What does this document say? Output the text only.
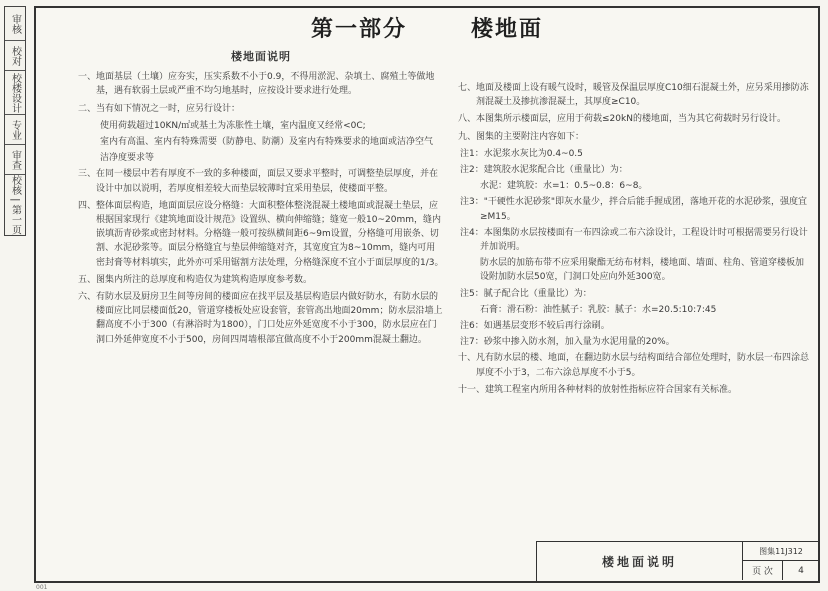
审核
校对
校楼设计
专业
审查
校核 | 第一页
第一部分	楼地面
楼地面说明
一、地面基层（土壤）应夯实，压实系数不小于0.9，不得用淤泥、杂填土、腐殖土等做地基，遇有软弱土层或严重不均匀地基时，应按设计要求进行处理。
二、当有如下情况之一时，应另行设计：
使用荷载超过10KN/㎡或基土为冻胀性土壤，室内温度又经常<0C;
室内有高温、室内有特殊需要（防静电、防潮）及室内有特殊要求的地面或洁净空气
洁净度要求等
三、在同一楼层中若有厚度不一致的多种楼面，面层又要求平整时，可调整垫层厚度，并在设计中加以说明，若厚度相差较大而垫层较薄时宜采用垫层，使楼面平整。
四、整体面层构造，地面面层应设分格缝：大面积整体整浇混凝土楼地面或混凝土垫层，应根据国家现行《建筑地面设计规范》设置纵、横向伸缩缝；缝宽一般10~20mm，缝内嵌填沥青砂浆或密封材料。分格缝一般可按纵横间距6~9m设置，分格缝可用嵌条、切割、水泥砂浆等。面层分格缝宜与垫层伸缩缝对齐，其宽度宜为8~10mm，缝内可用密封膏等材料填实，此外亦可采用锯割方法处理，分格缝深度不宜小于面层厚度的1/3。
五、图集内所注的总厚度和构造仅为建筑构造厚度参考数。
六、有防水层及厨房卫生间等房间的楼面应在找平层及基层构造层内做好防水，有防水层的楼面应比同层楼面低20，管道穿楼板处应设套管，套管高出地面20mm；防水层沿墙上翻高度不小于300（有淋浴时为1800），门口处应外延宽度不小于300，防水层应在门洞口外延伸宽度不小于500，房间四周墙根部宜做高度不小于200mm混凝土翻边。
七、地面及楼面上设有暖气设时，暖管及保温层厚度C10细石混凝土外，应另采用掺防冻剂混凝土及掺抗渗混凝土，其厚度≥C10。
八、本图集所示楼面层，应用于荷载≤20kN的楼地面，当为其它荷载时另行设计。
九、图集的主要附注内容如下：
注1：水泥浆水灰比为0.4~0.5
注2：建筑胶水泥浆配合比（重量比）为：
水泥：建筑胶：水=1：0.5~0.8：6~8。
注3："干硬性水泥砂浆"即灰水量少，拌合后能手握成团，落地开花的水泥砂浆，强度宜≥M15。
注4：本图集防水层按楼面有一布四涂或二布六涂设计，工程设计时可根据需要另行设计并加说明。
防水层的加筋布带不应采用聚酯无纺布材料，楼地面、墙面、柱角、管道穿楼板加设附加防水层50宽，门洞口处应向外延300宽。
注5：腻子配合比（重量比）为：
石膏：滑石粉：油性腻子：乳胶：腻子：水=20.5:10:7:45
注6：如遇基层变形不较后再行涂刷。
注7：砂浆中掺入防水剂，加入量为水泥用量的20%。
十、凡有防水层的楼、地面，在翻边防水层与结构面结合部位处理时，防水层一布四涂总厚度不小于3，二布六涂总厚度不小于5。
十一、建筑工程室内所用各种材料的放射性指标应符合国家有关标准。
楼地面说明
图集11J312
页 次	4
001
